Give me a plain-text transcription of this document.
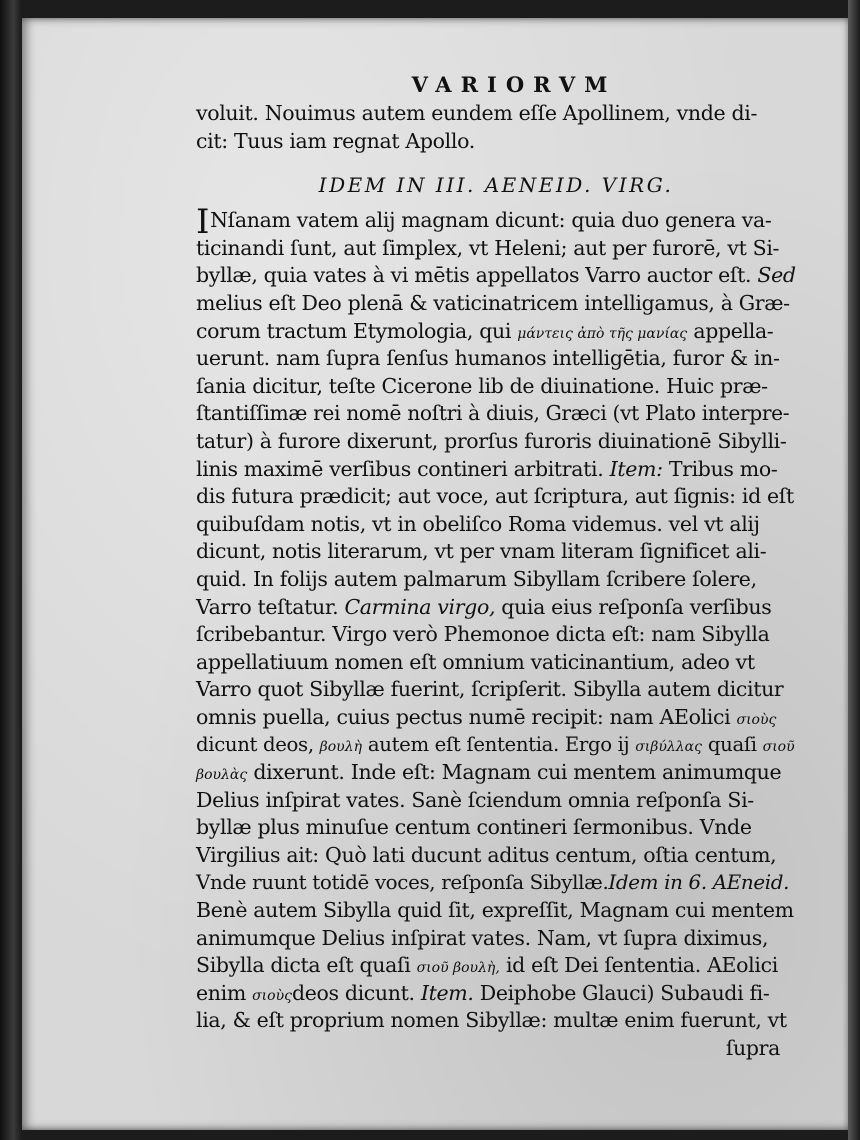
VARIORVM
voluit. Nouimus autem eundem eſſe Apollinem, vnde di-
cit: Tuus iam regnat Apollo.
IDEM IN III. AENEID. VIRG.
INſanam vatem alij magnam dicunt: quia duo genera va-
ticinandi ſunt, aut ſimplex, vt Heleni; aut per furorē, vt Si-
byllæ, quia vates à vi mētis appellatos Varro auctor eſt. Sed
melius eſt Deo plenā & vaticinatricem intelligamus, à Græ-
corum tractum Etymologia, qui μάντεις ἀπὸ τῆς μανίας appella-
uerunt. nam ſupra ſenſus humanos intelligētia, furor & in-
ſania dicitur, teſte Cicerone lib de diuinatione. Huic præ-
ſtantiſſimæ rei nomē noſtri à diuis, Græci (vt Plato interpre-
tatur) à furore dixerunt, prorſus furoris diuinationē Sibylli-
linis maximē verſibus contineri arbitrati. Item: Tribus mo-
dis futura prædicit; aut voce, aut ſcriptura, aut ſignis: id eſt
quibuſdam notis, vt in obeliſco Roma videmus. vel vt alij
dicunt, notis literarum, vt per vnam literam ſignificet ali-
quid. In folijs autem palmarum Sibyllam ſcribere ſolere,
Varro teſtatur. Carmina virgo, quia eius reſponſa verſibus
ſcribebantur. Virgo verò Phemonoe dicta eſt: nam Sibylla
appellatiuum nomen eſt omnium vaticinantium, adeo vt
Varro quot Sibyllæ fuerint, ſcripſerit. Sibylla autem dicitur
omnis puella, cuius pectus numē recipit: nam AEolici σιοὺς
dicunt deos, βουλὴ autem eſt ſententia. Ergo ij σιβύλλας quaſi σιοῦ
βουλὰς dixerunt. Inde eſt: Magnam cui mentem animumque
Delius inſpirat vates. Sanè ſciendum omnia reſponſa Si-
byllæ plus minuſue centum contineri ſermonibus. Vnde
Virgilius ait: Quò lati ducunt aditus centum, oſtia centum,
Vnde ruunt totidē voces, reſponſa Sibyllæ.Idem in 6. AEneid.
Benè autem Sibylla quid ſit, expreſſit, Magnam cui mentem
animumque Delius inſpirat vates. Nam, vt ſupra diximus,
Sibylla dicta eſt quaſi σιοῦ βουλὴ, id eſt Dei ſententia. AEolici
enim σιοὺςdeos dicunt. Item. Deiphobe Glauci) Subaudi fi-
lia, & eſt proprium nomen Sibyllæ: multæ enim fuerunt, vt
ſupra
